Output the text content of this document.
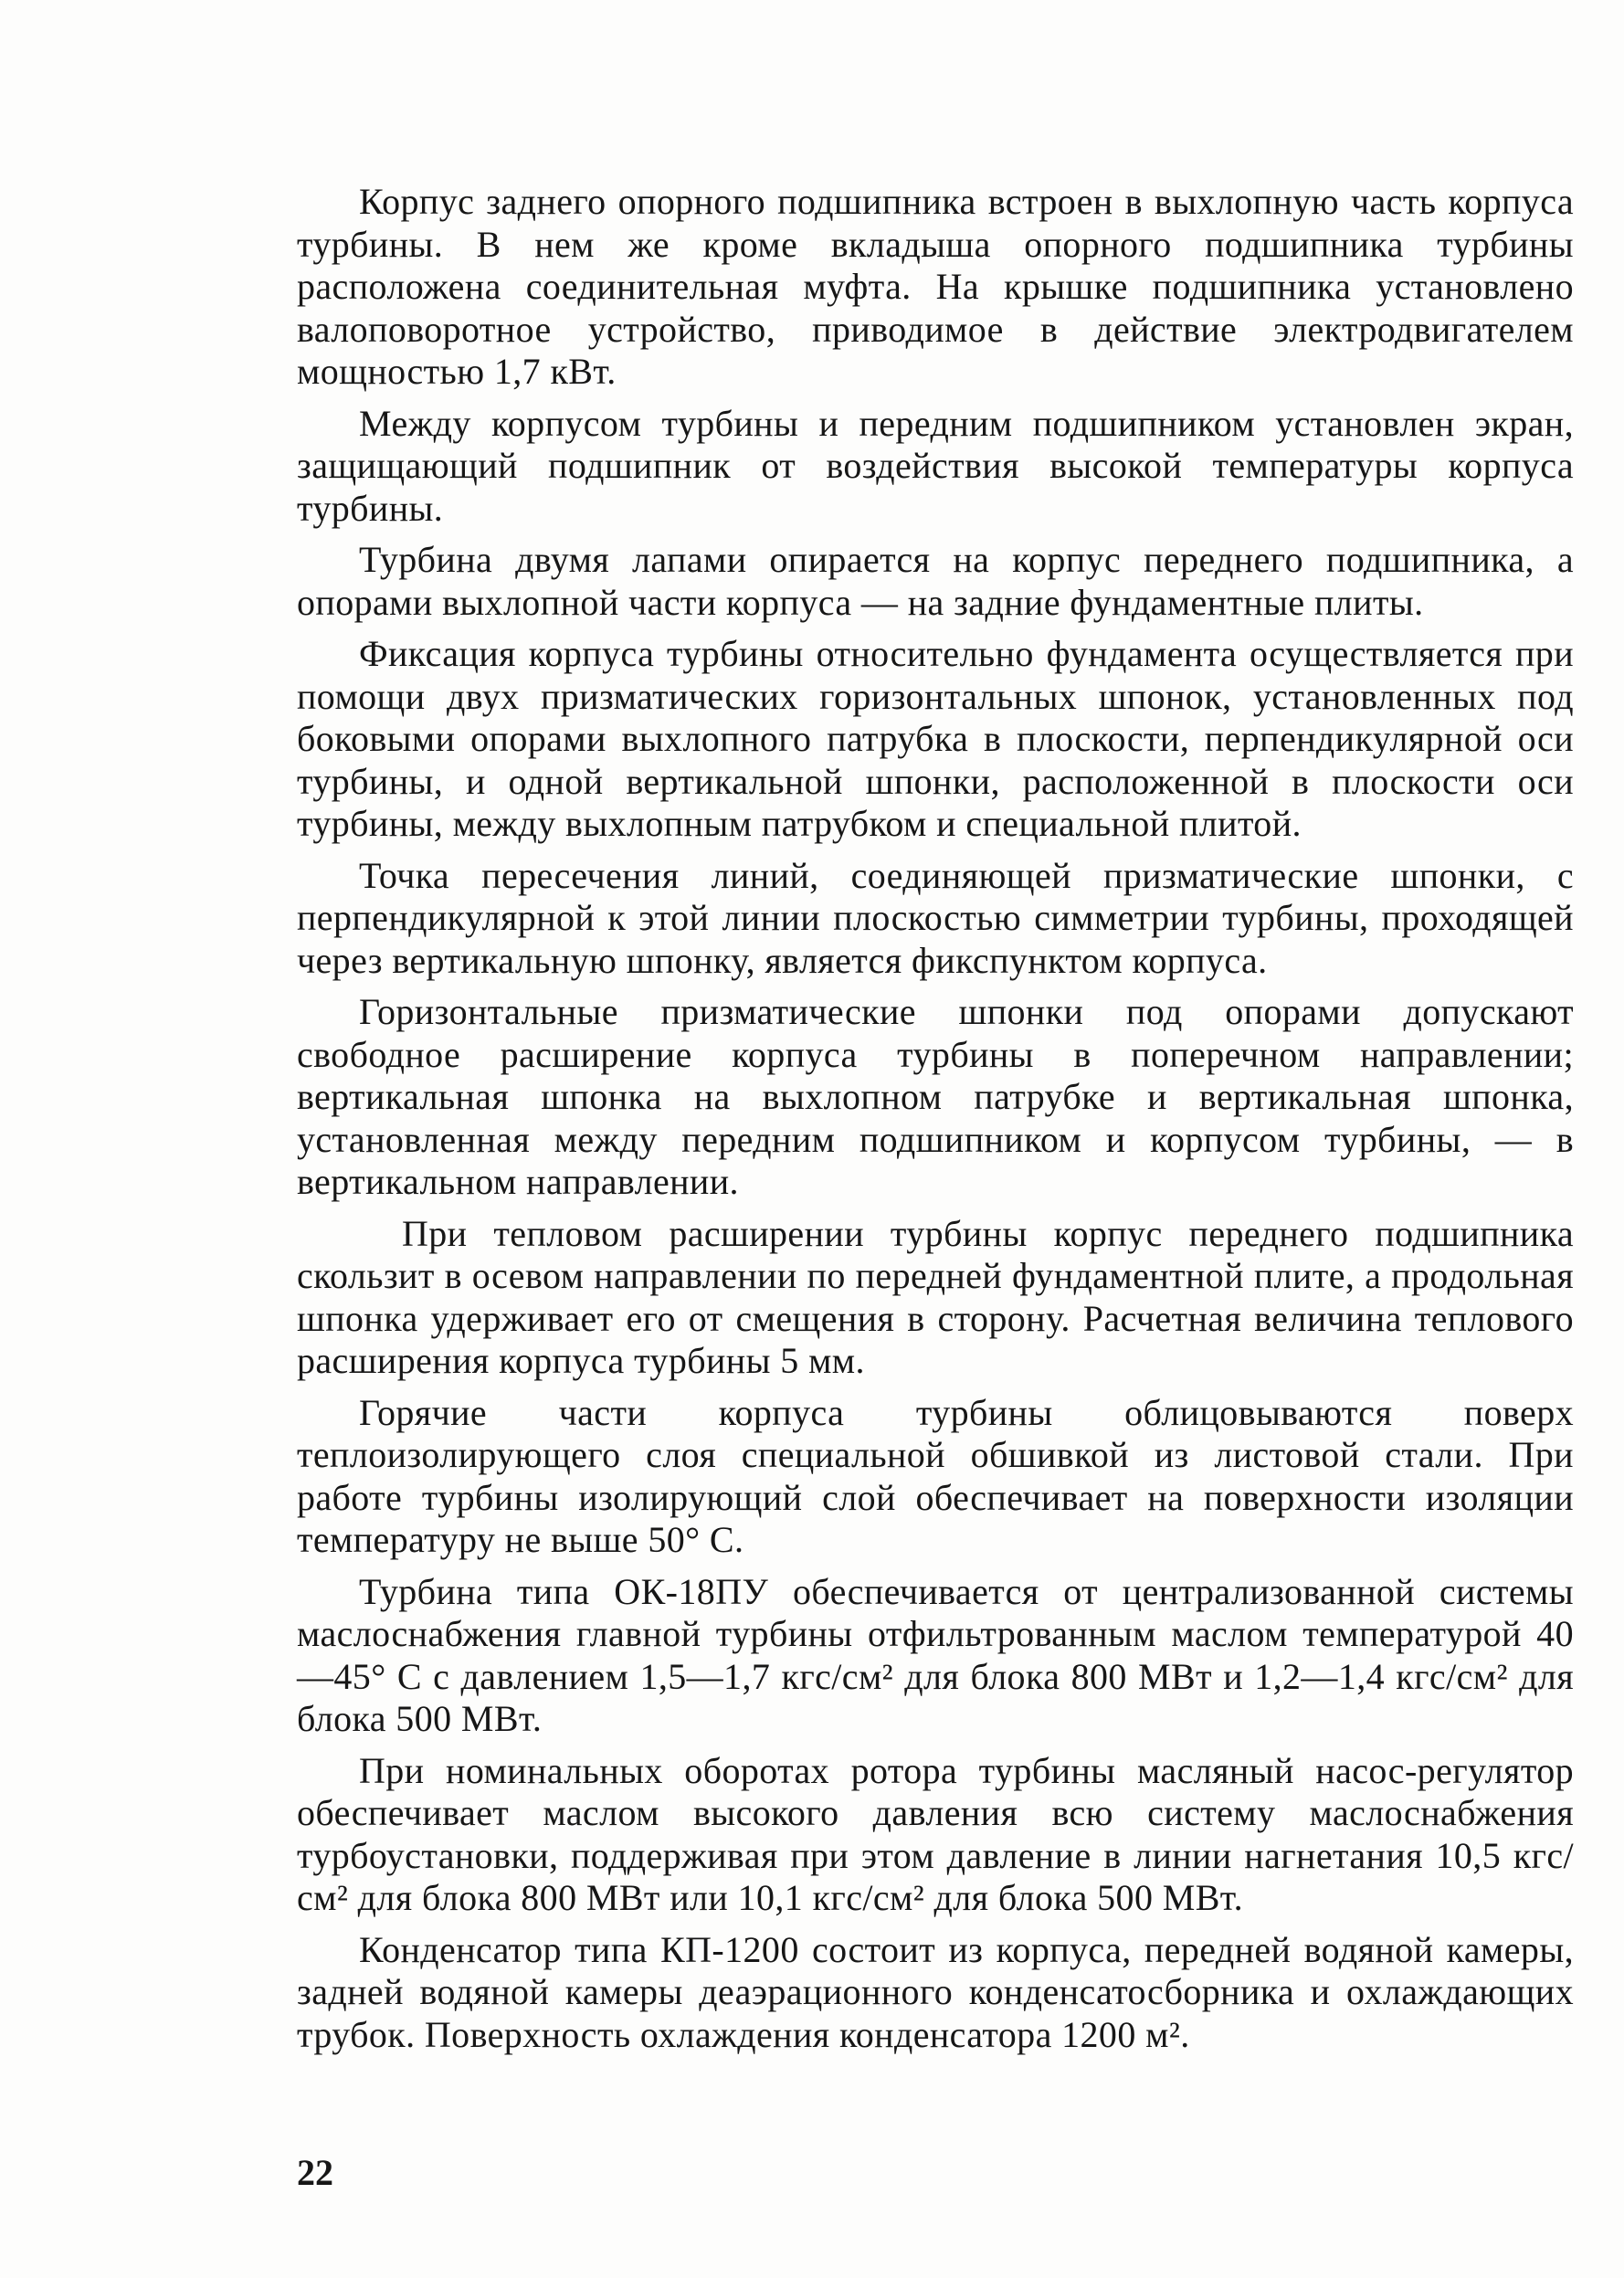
Корпус заднего опорного подшипника встроен в выхлопную часть корпуса турбины. В нем же кроме вкладыша опорного подшипника турбины расположена соединительная муфта. На крышке подшипника установлено валоповоротное устройство, приводимое в действие электродвигателем мощностью 1,7 кВт.

Между корпусом турбины и передним подшипником установлен экран, защищающий подшипник от воздействия высокой температуры корпуса турбины.

Турбина двумя лапами опирается на корпус переднего подшипника, а опорами выхлопной части корпуса — на задние фундаментные плиты.

Фиксация корпуса турбины относительно фундамента осуществляется при помощи двух призматических горизонтальных шпонок, установленных под боковыми опорами выхлопного патрубка в плоскости, перпендикулярной оси турбины, и одной вертикальной шпонки, расположенной в плоскости оси турбины, между выхлопным патрубком и специальной плитой.

Точка пересечения линий, соединяющей призматические шпонки, с перпендикулярной к этой линии плоскостью симметрии турбины, проходящей через вертикальную шпонку, является фикспунктом корпуса.

Горизонтальные призматические шпонки под опорами допускают свободное расширение корпуса турбины в поперечном направлении; вертикальная шпонка на выхлопном патрубке и вертикальная шпонка, установленная между передним подшипником и корпусом турбины, — в вертикальном направлении.

При тепловом расширении турбины корпус переднего подшипника скользит в осевом направлении по передней фундаментной плите, а продольная шпонка удерживает его от смещения в сторону. Расчетная величина теплового расширения корпуса турбины 5 мм.

Горячие части корпуса турбины облицовываются поверх теплоизолирующего слоя специальной обшивкой из листовой стали. При работе турбины изолирующий слой обеспечивает на поверхности изоляции температуру не выше 50° С.

Турбина типа ОК-18ПУ обеспечивается от централизованной системы маслоснабжения главной турбины отфильтрованным маслом температурой 40—45° С с давлением 1,5—1,7 кгс/см² для блока 800 МВт и 1,2—1,4 кгс/см² для блока 500 МВт.

При номинальных оборотах ротора турбины масляный насос-регулятор обеспечивает маслом высокого давления всю систему маслоснабжения турбоустановки, поддерживая при этом давление в линии нагнетания 10,5 кгс/см² для блока 800 МВт или 10,1 кгс/см² для блока 500 МВт.

Конденсатор типа КП-1200 состоит из корпуса, передней водяной камеры, задней водяной камеры деаэрационного конденсатосборника и охлаждающих трубок. Поверхность охлаждения конденсатора 1200 м².

22
